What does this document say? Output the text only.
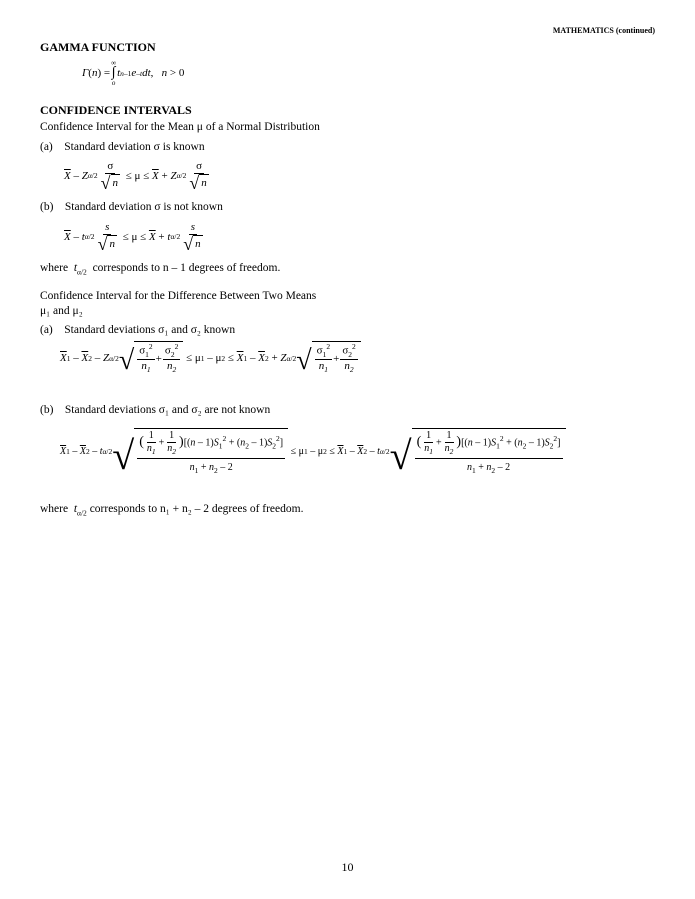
MATHEMATICS (continued)
GAMMA FUNCTION
Γ ( n ) =
∞
∫
o
t n –1 e –t dt , n > 0
CONFIDENCE INTERVALS
Confidence Interval for the Mean μ of a Normal Distribution
(a) Standard deviation σ is known
$\overline{X}$ – Z $\alpha/2 \frac{\sigma}{√ n} \le \mu \le \overline{X} + Z$ $\alpha/2 \frac{\sigma}{√ n}$
(b) Standard deviation σ is not known
$\overline{X}$ – t $\alpha/2 \frac{s}{√ n} \le \mu \le \overline{X} + t$ $\alpha/2 \frac{s}{√ n}$
where $t_{\alpha/2}$ corresponds to n – 1 degrees of freedom.
Confidence Interval for the Difference Between Two Means
μ₁ and μ₂
(a) Standard deviations σ₁ and σ₂ known
$\overline{X}$ $1 - \overline{X}$ 2 – Z α/2 √ $\frac{\sigma_1^2}{n_1} + \frac{\sigma_2^2}{n_2} \le \mu$ 1 – μ $2 \le \overline{X}$ $1 - \overline{X}$ 2 + Z α/2 √ $\frac{\sigma_1^2}{n_1} + \frac{\sigma_2^2}{n_2}$
(b) Standard deviations σ₁ and σ₂ are not known
$\overline{X}$ $1 - \overline{X}$ 2 – t α/2 √ $\frac{( \frac{1}{n_1} + \frac{1}{n_2} )[(n - 1)S_1^2 + (n_2 - 1)S_2^2]}{n_1 + n_2 - 2} \le \mu$ 1 – μ $2 \le \overline{X}$ $1 - \overline{X}$ 2 – t α/2 √ $\frac{( \frac{1}{n_1} + \frac{1}{n_2} )[(n - 1)S_1^2 + (n_2 - 1)S_2^2]}{n_1 + n_2 - 2}$
where $t_{\alpha/2}$ corresponds to n₁ + n₂ – 2 degrees of freedom.
10
